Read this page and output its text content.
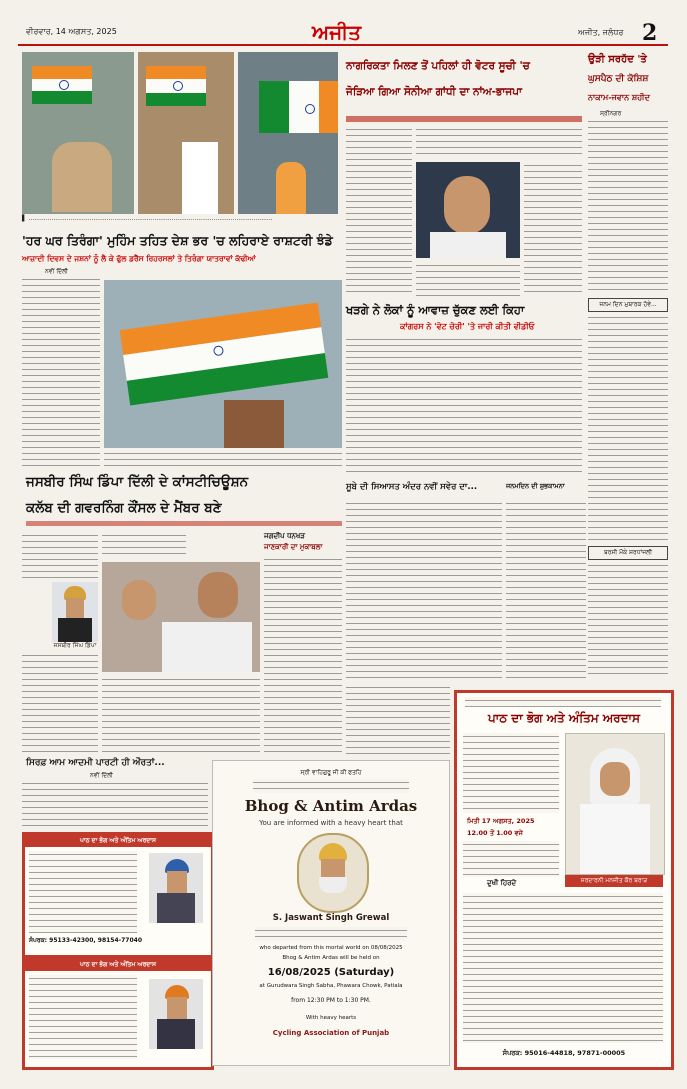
ਵੀਰਵਾਰ, 14 ਅਗਸਤ, 2025	ਅਜੀਤ	ਅਜੀਤ, ਜਲੰਧਰ 2
▌ ................................................................................................................................
'ਹਰ ਘਰ ਤਿਰੰਗਾ' ਮੁਹਿੰਮ ਤਹਿਤ ਦੇਸ਼ ਭਰ 'ਚ ਲਹਿਰਾਏ ਰਾਸ਼ਟਰੀ ਝੰਡੇ
ਆਜ਼ਾਦੀ ਦਿਵਸ ਦੇ ਜਸ਼ਨਾਂ ਨੂੰ ਲੈ ਕੇ ਫੁੱਲ ਡਰੈੱਸ ਰਿਹਰਸਲਾਂ ਤੇ ਤਿਰੰਗਾ ਯਾਤਰਾਵਾਂ ਕੱਢੀਆਂ
ਨਵੀਂ ਦਿੱਲੀ
ਨਾਗਰਿਕਤਾ ਮਿਲਣ ਤੋਂ ਪਹਿਲਾਂ ਹੀ ਵੋਟਰ ਸੂਚੀ 'ਚ
ਜੋੜਿਆ ਗਿਆ ਸੋਨੀਆ ਗਾਂਧੀ ਦਾ ਨਾਂਅ-ਭਾਜਪਾ
ਉੜੀ ਸਰਹੱਦ 'ਤੇ
ਘੁਸਪੈਠ ਦੀ ਕੋਸ਼ਿਸ਼
ਨਾਕਾਮ-ਜਵਾਨ ਸ਼ਹੀਦ
ਸ੍ਰੀਨਗਰ
ਜਨਮ ਦਿਨ ਮੁਬਾਰਕ ਹੋਵੇ...
ਬਰਸੀ ਮੌਕੇ ਸ਼ਰਧਾਂਜਲੀ
ਖੜਗੇ ਨੇ ਲੋਕਾਂ ਨੂੰ ਆਵਾਜ਼ ਚੁੱਕਣ ਲਈ ਕਿਹਾ
ਕਾਂਗਰਸ ਨੇ 'ਵੋਟ ਚੋਰੀ' 'ਤੇ ਜਾਰੀ ਕੀਤੀ ਵੀਡੀਓ
ਜਸਬੀਰ ਸਿੰਘ ਡਿੰਪਾ ਦਿੱਲੀ ਦੇ ਕਾਂਸਟੀਚਿਊਸ਼ਨ
ਕਲੱਬ ਦੀ ਗਵਰਨਿੰਗ ਕੌਂਸਲ ਦੇ ਮੈਂਬਰ ਬਣੇ
ਜਸਬੀਰ ਸਿੰਘ ਡਿੰਪਾ
ਜਗਦੀਪ ਧਨਖੜ
ਜਾਣਕਾਰੀ ਦਾ ਮੁਕਾਬਲਾ
ਸੂਬੇ ਦੀ ਸਿਆਸਤ ਅੰਦਰ ਨਵੀਂ ਸਵੇਰ ਦਾ...	ਜਨਮਦਿਨ ਦੀ ਸ਼ੁਭਕਾਮਨਾ
ਸਿਰਫ਼ ਆਮ ਆਦਮੀ ਪਾਰਟੀ ਹੀ ਔਰਤਾਂ...
ਨਵੀਂ ਦਿੱਲੀ
ਪਾਠ ਦਾ ਭੋਗ ਅਤੇ ਅੰਤਿਮ ਅਰਦਾਸ
ਸੰਪਰਕ: 95133-42300, 98154-77040
ਪਾਠ ਦਾ ਭੋਗ ਅਤੇ ਅੰਤਿਮ ਅਰਦਾਸ
ਸ੍ਰੀ ਵਾਹਿਗੁਰੂ ਜੀ ਕੀ ਫਤਹਿ
Bhog & Antim Ardas
You are informed with a heavy heart that
S. Jaswant Singh Grewal
who departed from this mortal world on 08/08/2025
Bhog & Antim Ardas will be held on
16/08/2025 (Saturday)
at Gurudwara Singh Sabha, Phawara Chowk, Patiala
from 12:30 PM to 1:30 PM.
With heavy hearts
Cycling Association of Punjab
ਪਾਠ ਦਾ ਭੋਗ ਅਤੇ ਅੰਤਿਮ ਅਰਦਾਸ
ਮਿਤੀ 17 ਅਗਸਤ, 2025
12.00 ਤੋਂ 1.00 ਵਜੇ
ਦੁਖੀ ਹਿਰਦੇ	ਸਰਦਾਰਨੀ ਮਨਜੀਤ ਕੌਰ ਬਰਾੜ
ਸੰਪਰਕ: 95016-44818, 97871-00005
